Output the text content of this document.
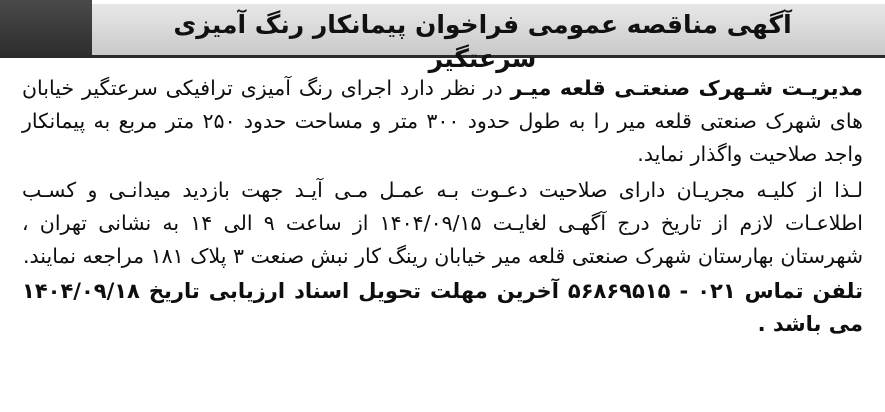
آگهی مناقصه عمومی فراخوان پیمانکار رنگ آمیزی سرعتگیر

مدیریـت شـهرک صنعتـی قلعه میـر در نظر دارد اجرای رنگ آمیزی ترافیکی سرعتگیر خیابان های شهرک صنعتی قلعه میر را به طول حدود ۳۰۰ متر و مساحت حدود ۲۵۰ متر مربع به پیمانکار واجد صلاحیت واگذار نماید.

لـذا از کلیـه مجریـان دارای صلاحیت دعـوت بـه عمـل مـی آیـد جهت بازدید میدانـی و کسـب اطلاعـات لازم از تاریخ درج آگهـی لغایـت ۱۴۰۴/۰۹/۱۵ از ساعت ۹ الی ۱۴ به نشانی تهران ، شهرستان بهارستان شهرک صنعتی قلعه میر خیابان رینگ کار نبش صنعت ۳ پلاک ۱۸۱ مراجعه نمایند.

تلفن تماس ۰۲۱ - ۵۶۸۶۹۵۱۵ آخرین مهلت تحویل اسناد ارزیابی تاریخ ۱۴۰۴/۰۹/۱۸ می باشد .
